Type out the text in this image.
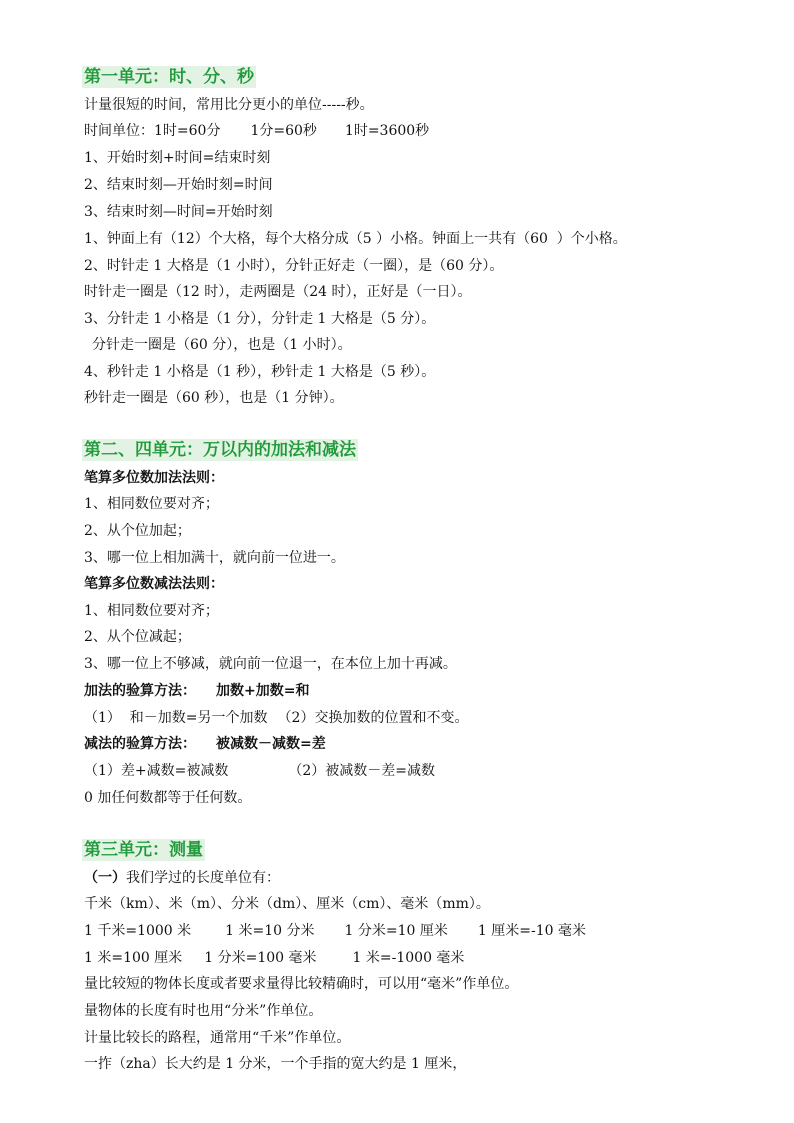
第一单元：时、分、秒
计量很短的时间，常用比分更小的单位-----秒。
时间单位：1时=60分 1分=60秒 1时=3600秒
1、开始时刻+时间=结束时刻
2、结束时刻—开始时刻=时间
3、结束时刻—时间=开始时刻
1、钟面上有（12）个大格，每个大格分成（5 ）小格。钟面上一共有（60  ）个小格。
2、时针走 1 大格是（1 小时），分针正好走（一圈），是（60 分）。
时针走一圈是（12 时），走两圈是（24 时），正好是（一日）。
3、分针走 1 小格是（1 分），分针走 1 大格是（5 分）。
分针走一圈是（60 分），也是（1 小时）。
4、秒针走 1 小格是（1 秒），秒针走 1 大格是（5 秒）。
秒针走一圈是（60 秒），也是（1 分钟）。
第二、四单元：万以内的加法和减法
笔算多位数加法法则：
1、相同数位要对齐；
2、从个位加起；
3、哪一位上相加满十，就向前一位进一。
笔算多位数减法法则：
1、相同数位要对齐；
2、从个位减起；
3、哪一位上不够减，就向前一位退一，在本位上加十再减。
加法的验算方法： 加数+加数=和
（1）  和－加数=另一个加数 （2）交换加数的位置和不变。
减法的验算方法： 被减数－减数=差
（1）差+减数=被减数	（2）被减数－差=减数
0 加任何数都等于任何数。
第三单元：测量
（一）我们学过的长度单位有：
千米（km）、米（m）、分米（dm）、厘米（cm）、毫米（mm）。
1 千米=1000 米 1 米=10 分米 1 分米=10 厘米 1 厘米=-10 毫米
1 米=100 厘米 1 分米=100 毫米	1 米=-1000 毫米
量比较短的物体长度或者要求量得比较精确时，可以用“毫米”作单位。
量物体的长度有时也用“分米”作单位。
计量比较长的路程，通常用“千米”作单位。
一拃（zha）长大约是 1 分米，一个手指的宽大约是 1 厘米，
